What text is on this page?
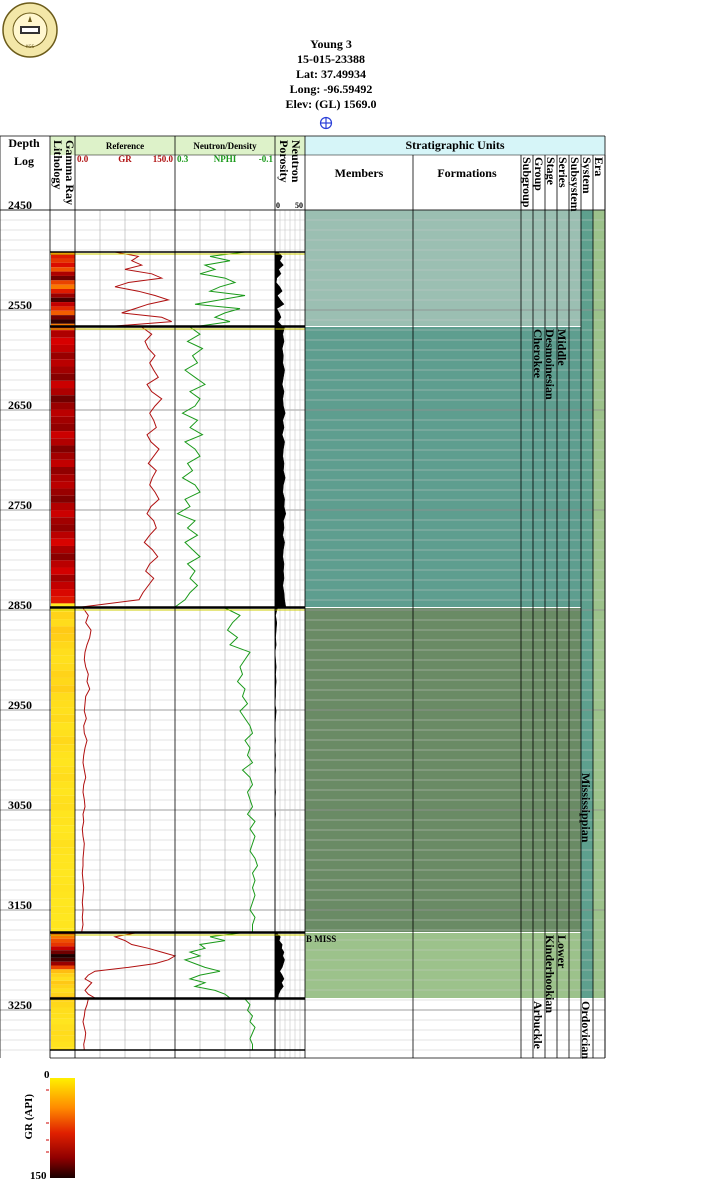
KGS	Young 3
15-015-23388
Lat: 37.49934
Long: -96.59492
Elev: (GL) 1569.0
2450
2550
2650
2750
2850
2950
3050
3150
3250
Depth
Log Lithology
Gamma Ray	Reference
0.0	GR 150.0
Neutron/Density
0.3	NPHI	-0.1 Porosity
Neutron
0 50
Stratigraphic Units
Members	Formations Subgroup
Group
Stage
Series
Subsystem
System
Era
Cherokee
Desmoinesian
Middle
Mississippian
Kinderhookian
Lower
B MISS
Arbuckle	Ordovician
GR (API)
0
150
